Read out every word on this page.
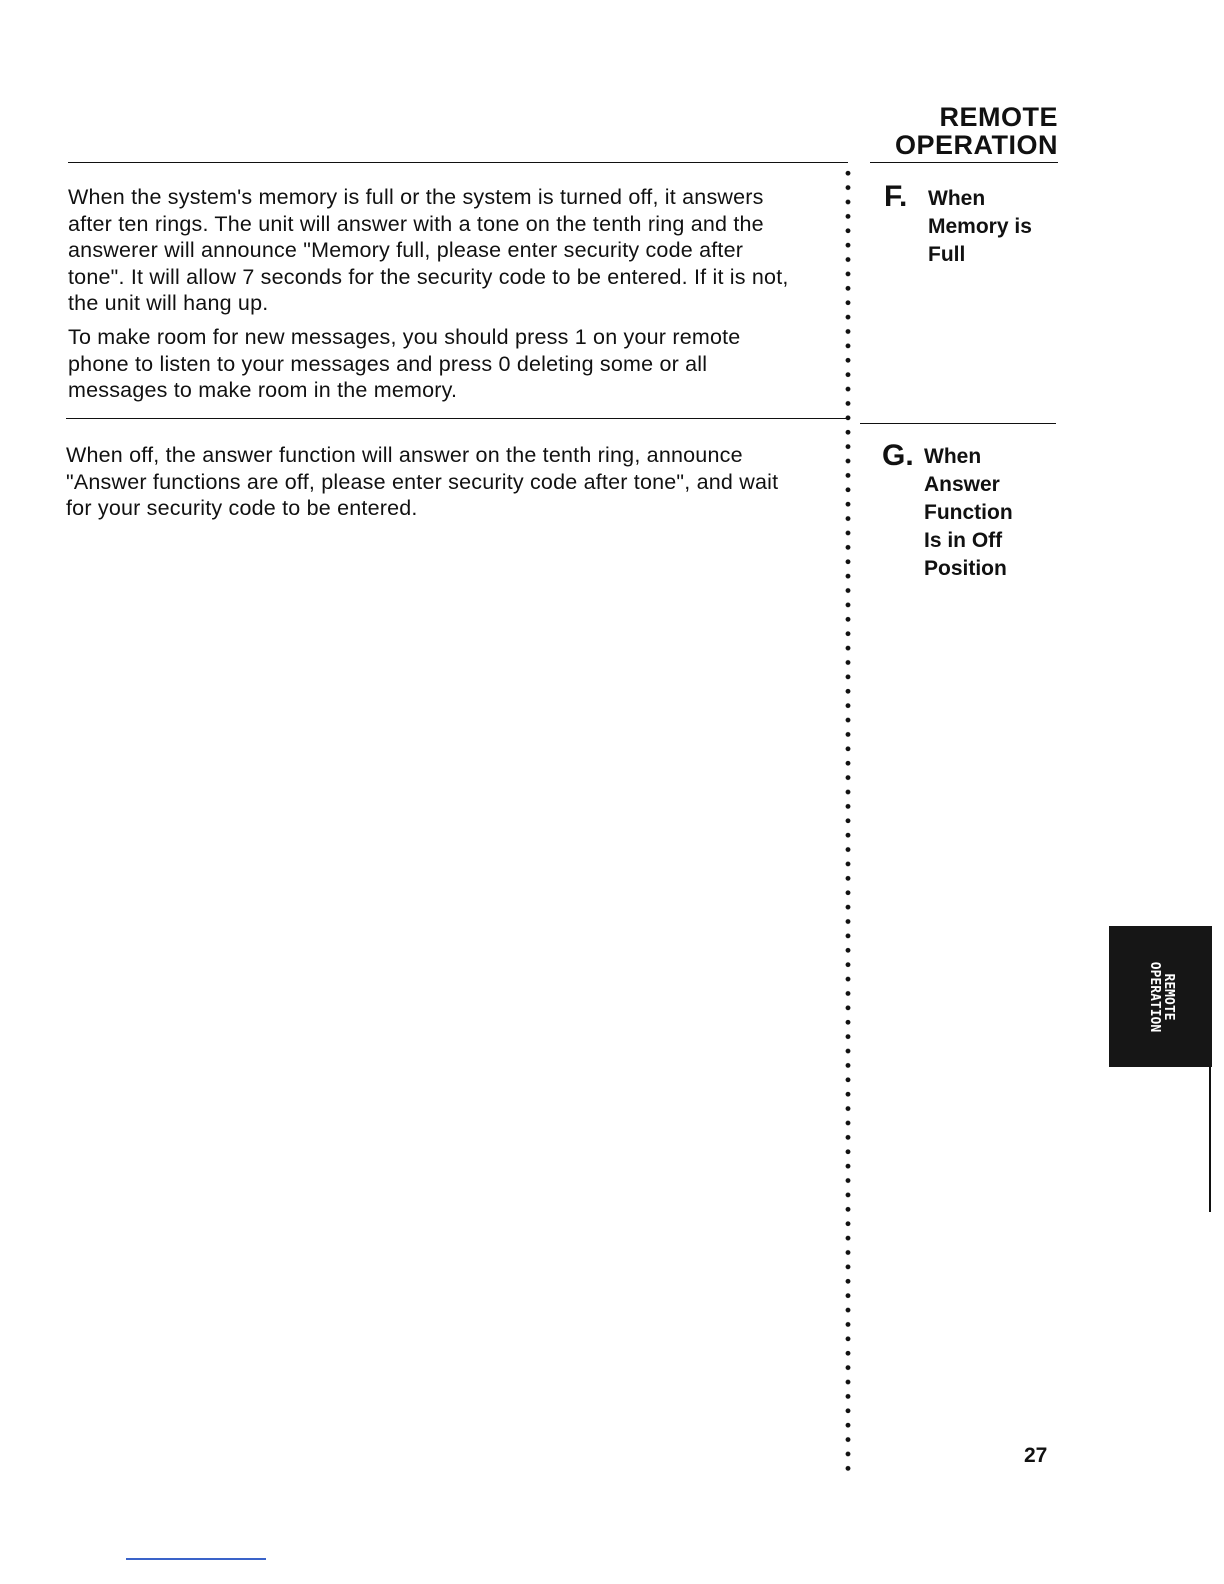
REMOTE
OPERATION

When the system's memory is full or the system is turned off, it answers after ten rings. The unit will answer with a tone on the tenth ring and the answerer will announce "Memory full, please enter security code after tone". It will allow 7 seconds for the security code to be entered. If it is not, the unit will hang up.

To make room for new messages, you should press 1 on your remote phone to listen to your messages and press 0 deleting some or all messages to make room in the memory.

F. When
Memory is
Full

When off, the answer function will answer on the tenth ring, announce "Answer functions are off, please enter security code after tone", and wait for your security code to be entered.

G. When
Answer
Function
Is in Off
Position
REMOTE
OPERATION
27
